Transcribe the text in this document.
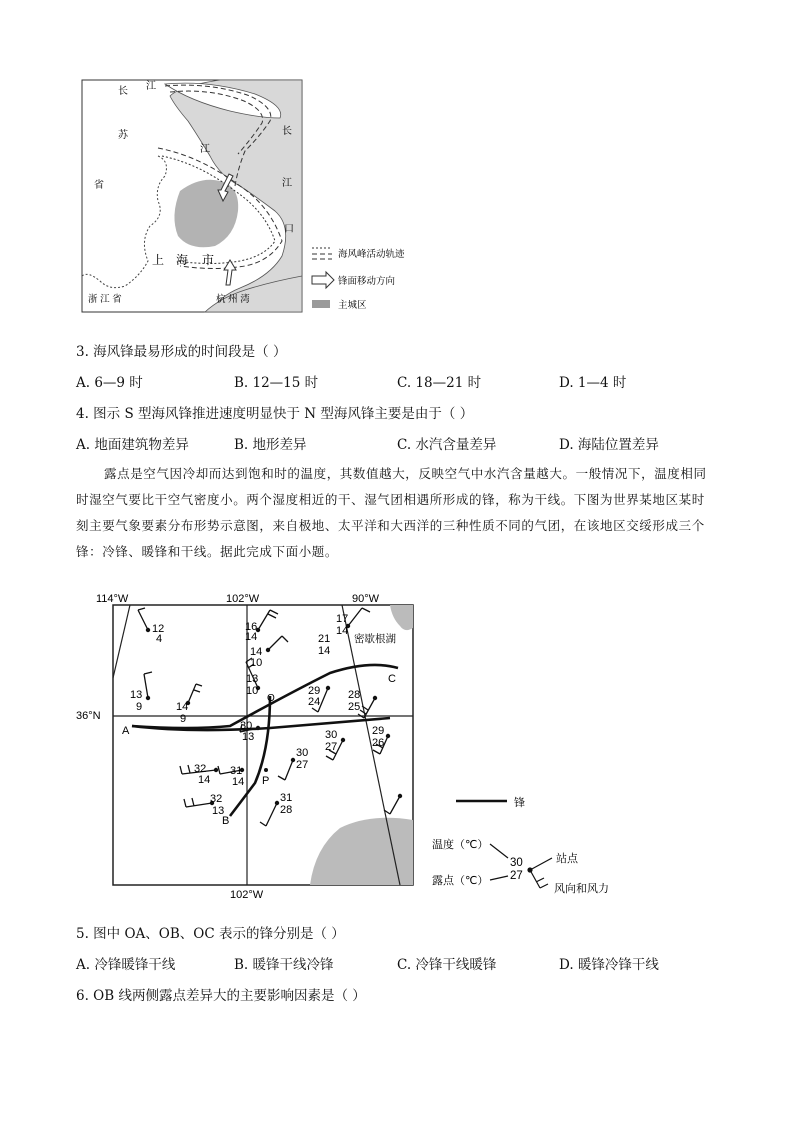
长 江
苏
省
江
长
江
口
上 海 市
浙 江 省	杭 州 湾
海风峰活动轨迹
锋面移动方向
主城区
3. 海风锋最易形成的时间段是（ ）
A. 6—9 时	B. 12—15 时	C. 18—21 时	D. 1—4 时
4. 图示 S 型海风锋推进速度明显快于 N 型海风锋主要是由于（ ）
A. 地面建筑物差异	B. 地形差异	C. 水汽含量差异	D. 海陆位置差异

露点是空气因冷却而达到饱和时的温度，其数值越大，反映空气中水汽含量越大。一般情况下，温度相同时湿空气要比干空气密度小。两个湿度相近的干、湿气团相遇所形成的锋，称为干线。下图为世界某地区某时刻主要气象要素分布形势示意图，来自极地、太平洋和大西洋的三种性质不同的气团，在该地区交绥形成三个锋：冷锋、暖锋和干线。据此完成下面小题。

A
B
C
O
P
114°W	102°W	90°W
102°W
36°N
密歇根湖
12
4
16
14
17
14
21
14
14
10
13
10
13
9	14
9
29
24
28
25
30
13	30
27
29
26
30
27
32
14
31
14
32
13
31
28
锋
温度（℃）
露点（℃）
30
27
站点
风向和风力
5. 图中 OA、OB、OC 表示的锋分别是（ ）
A. 冷锋暖锋干线	B. 暖锋干线冷锋	C. 冷锋干线暖锋	D. 暖锋冷锋干线
6. OB 线两侧露点差异大的主要影响因素是（ ）
